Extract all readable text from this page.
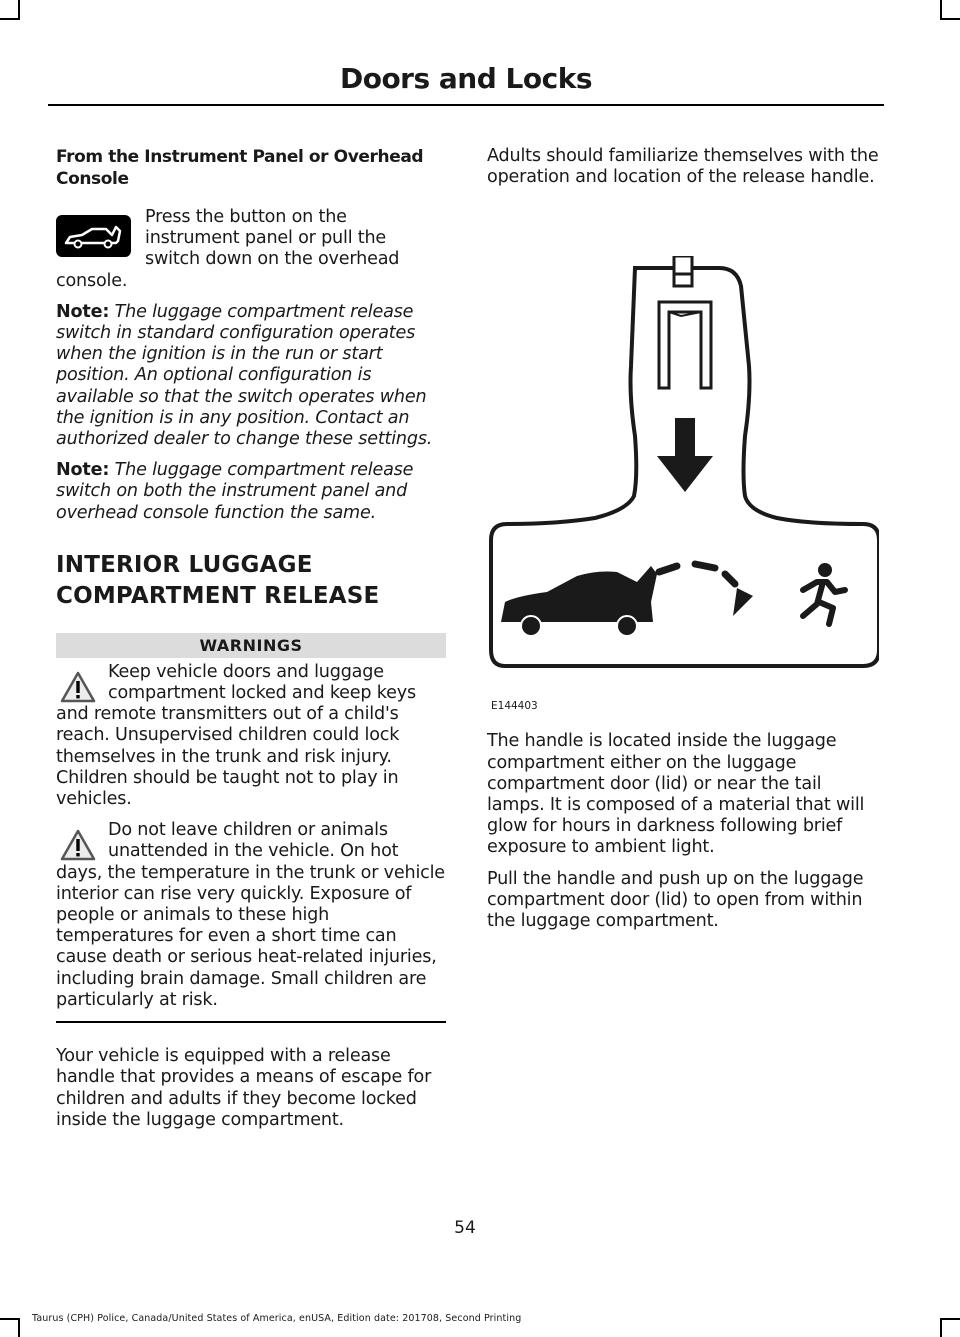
Doors and Locks

From the Instrument Panel or Overhead Console

Press the button on the instrument panel or pull the switch down on the overhead console.

Note: The luggage compartment release switch in standard configuration operates when the ignition is in the run or start position. An optional configuration is available so that the switch operates when the ignition is in any position. Contact an authorized dealer to change these settings.

Note: The luggage compartment release switch on both the instrument panel and overhead console function the same.

INTERIOR LUGGAGE

COMPARTMENT RELEASE

WARNINGS

Keep vehicle doors and luggage compartment locked and keep keys and remote transmitters out of a child's reach. Unsupervised children could lock themselves in the trunk and risk injury. Children should be taught not to play in vehicles.

Do not leave children or animals unattended in the vehicle. On hot days, the temperature in the trunk or vehicle interior can rise very quickly. Exposure of people or animals to these high temperatures for even a short time can cause death or serious heat-related injuries, including brain damage. Small children are particularly at risk.

Your vehicle is equipped with a release handle that provides a means of escape for children and adults if they become locked inside the luggage compartment.

Adults should familiarize themselves with the operation and location of the release handle.

E144403

The handle is located inside the luggage compartment either on the luggage compartment door (lid) or near the tail lamps. It is composed of a material that will glow for hours in darkness following brief exposure to ambient light.

Pull the handle and push up on the luggage compartment door (lid) to open from within the luggage compartment.

54
Taurus (CPH) Police, Canada/United States of America, enUSA, Edition date: 201708, Second Printing
